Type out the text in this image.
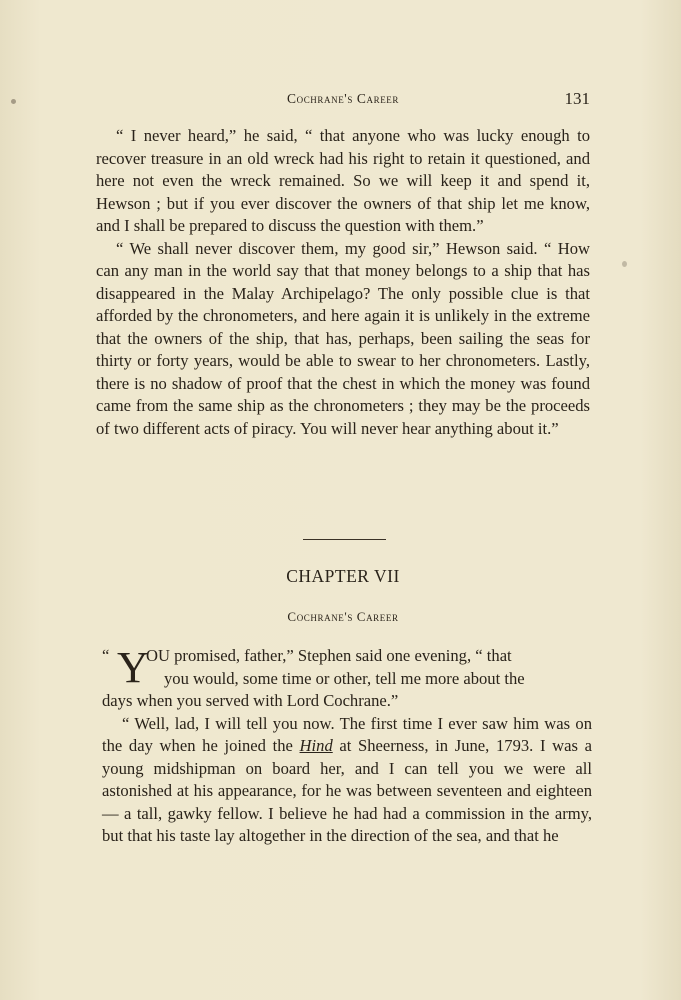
Cochrane's Career	131

“ I never heard,” he said, “ that anyone who was lucky enough to recover treasure in an old wreck had his right to retain it questioned, and here not even the wreck remained. So we will keep it and spend it, Hewson ; but if you ever discover the owners of that ship let me know, and I shall be prepared to discuss the question with them.”

“ We shall never discover them, my good sir,” Hewson said. “ How can any man in the world say that that money belongs to a ship that has disappeared in the Malay Archipelago? The only possible clue is that afforded by the chronometers, and here again it is unlikely in the extreme that the owners of the ship, that has, perhaps, been sailing the seas for thirty or forty years, would be able to swear to her chronometers. Lastly, there is no shadow of proof that the chest in which the money was found came from the same ship as the chronometers ; they may be the proceeds of two different acts of piracy. You will never hear anything about it.”

CHAPTER VII
Cochrane's Career
“ Y

OU promised, father,” Stephen said one evening, “ that

you would, some time or other, tell me more about the

days when you served with Lord Cochrane.”

“ Well, lad, I will tell you now. The first time I ever saw him was on the day when he joined the Hind at Sheerness, in June, 1793. I was a young midshipman on board her, and I can tell you we were all astonished at his appearance, for he was between seventeen and eighteen — a tall, gawky fellow. I believe he had had a commission in the army, but that his taste lay altogether in the direction of the sea, and that he
